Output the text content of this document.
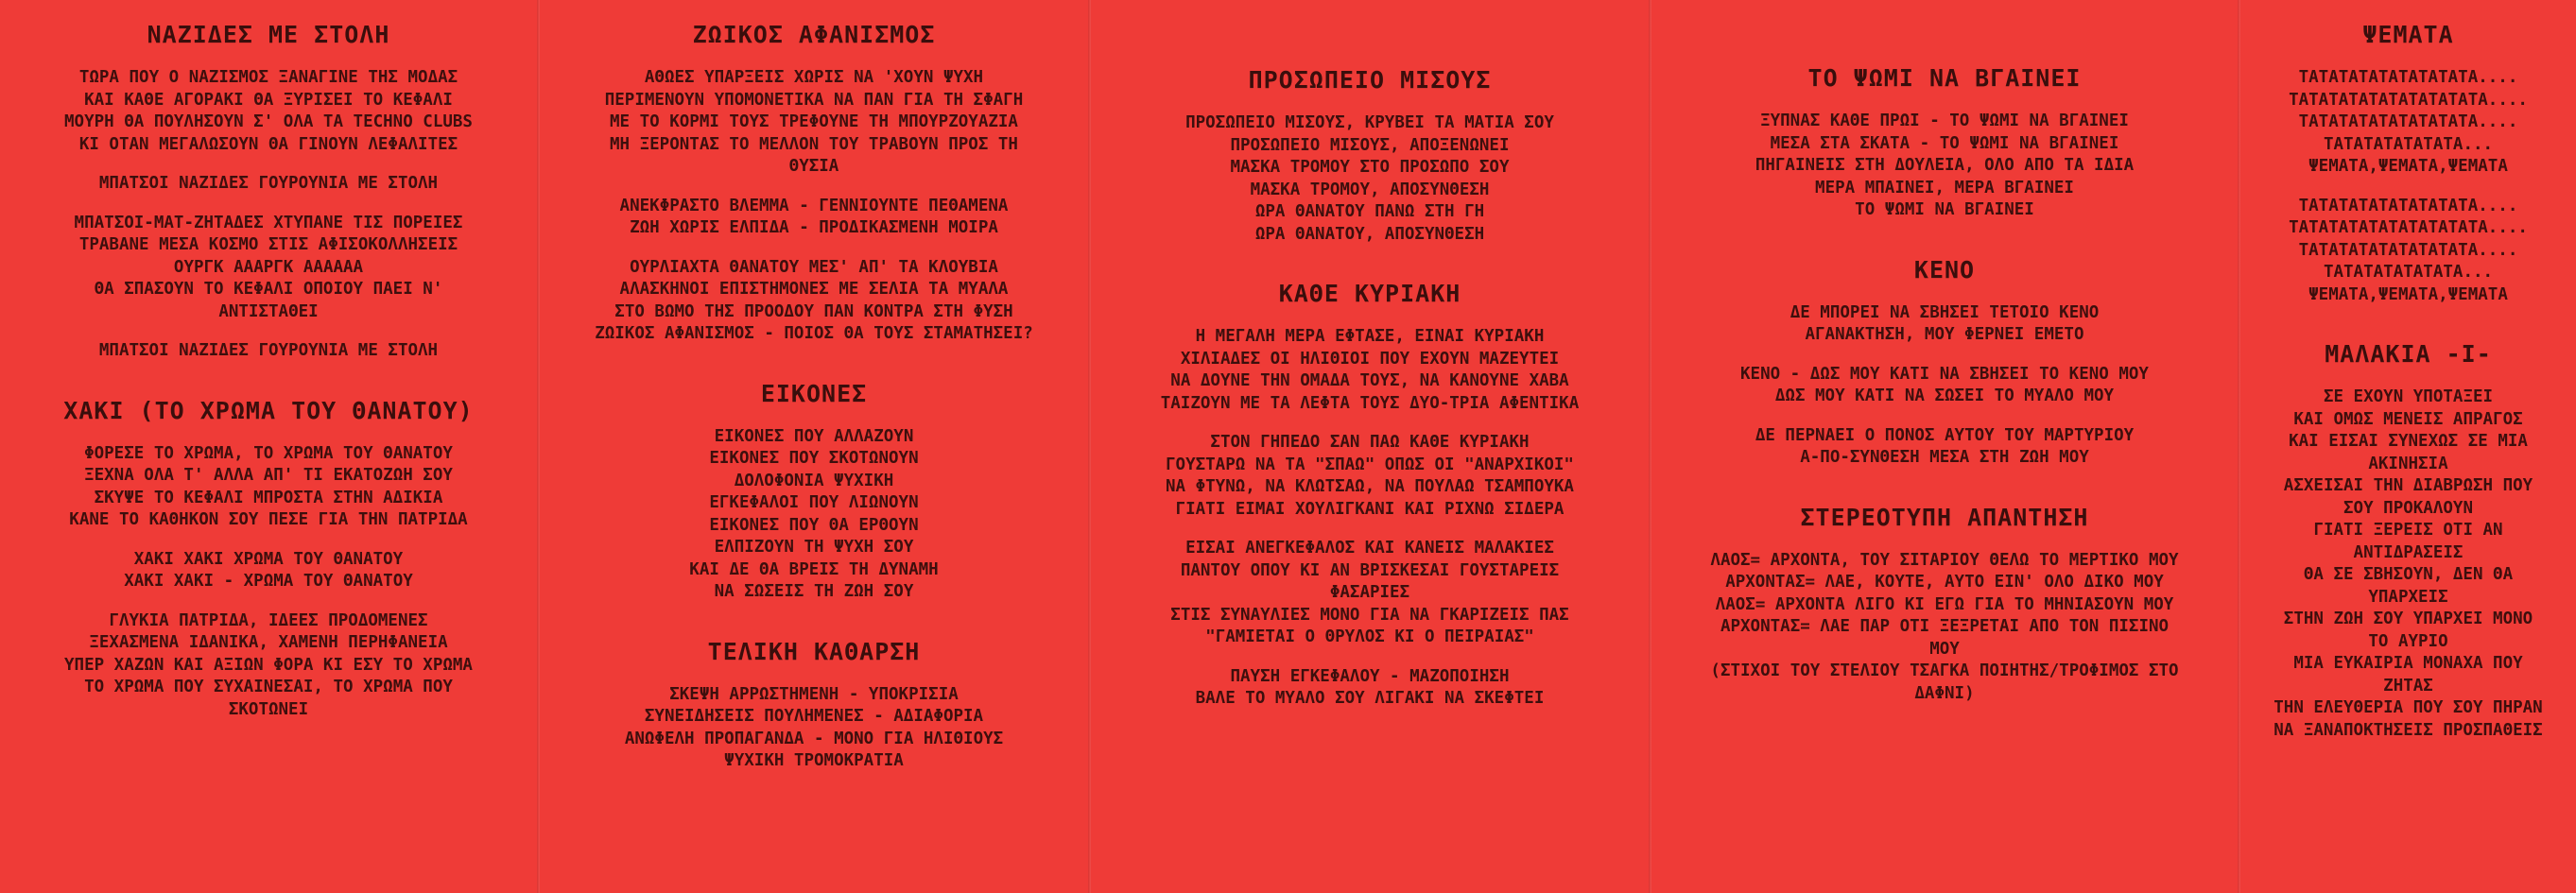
ΝΑΖΙΔΕΣ ΜΕ ΣΤΟΛΗ
ΤΩΡΑ ΠΟΥ Ο ΝΑΖΙΣΜΟΣ ΞΑΝΑΓΙΝΕ ΤΗΣ ΜΟΔΑΣ
ΚΑΙ ΚΑΘΕ ΑΓΟΡΑΚΙ ΘΑ ΞΥΡΙΣΕΙ ΤΟ ΚΕΦΑΛΙ
ΜΟΥΡΗ ΘΑ ΠΟΥΛΗΣΟΥΝ Σ' ΟΛΑ ΤΑ TECHNO CLUBS
ΚΙ ΟΤΑΝ ΜΕΓΑΛΩΣΟΥΝ ΘΑ ΓΙΝΟΥΝ ΛΕΦΑΛΙΤΕΣ
ΜΠΑΤΣΟΙ ΝΑΖΙΔΕΣ ΓΟΥΡΟΥΝΙΑ ΜΕ ΣΤΟΛΗ
ΜΠΑΤΣΟΙ-ΜΑΤ-ΖΗΤΑΔΕΣ ΧΤΥΠΑΝΕ ΤΙΣ ΠΟΡΕΙΕΣ
ΤΡΑΒΑΝΕ ΜΕΣΑ ΚΟΣΜΟ ΣΤΙΣ ΑΦΙΣΟΚΟΛΛΗΣΕΙΣ
ΟΥΡΓΚ ΑΑΑΡΓΚ ΑΑΑΑΑΑ
ΘΑ ΣΠΑΣΟΥΝ ΤΟ ΚΕΦΑΛΙ ΟΠΟΙΟΥ ΠΑΕΙ Ν'
ΑΝΤΙΣΤΑΘΕΙ
ΜΠΑΤΣΟΙ ΝΑΖΙΔΕΣ ΓΟΥΡΟΥΝΙΑ ΜΕ ΣΤΟΛΗ
ΧΑΚΙ (ΤΟ ΧΡΩΜΑ ΤΟΥ ΘΑΝΑΤΟΥ)
ΦΟΡΕΣΕ ΤΟ ΧΡΩΜΑ, ΤΟ ΧΡΩΜΑ ΤΟΥ ΘΑΝΑΤΟΥ
ΞΕΧΝΑ ΟΛΑ Τ' ΑΛΛΑ ΑΠ' ΤΙ ΕΚΑΤΟΖΩΗ ΣΟΥ
ΣΚΥΨΕ ΤΟ ΚΕΦΑΛΙ ΜΠΡΟΣΤΑ ΣΤΗΝ ΑΔΙΚΙΑ
ΚΑΝΕ ΤΟ ΚΑΘΗΚΟΝ ΣΟΥ ΠΕΣΕ ΓΙΑ ΤΗΝ ΠΑΤΡΙΔΑ
ΧΑΚΙ ΧΑΚΙ ΧΡΩΜΑ ΤΟΥ ΘΑΝΑΤΟΥ
ΧΑΚΙ ΧΑΚΙ - ΧΡΩΜΑ ΤΟΥ ΘΑΝΑΤΟΥ
ΓΛΥΚΙΑ ΠΑΤΡΙΔΑ, ΙΔΕΕΣ ΠΡΟΔΟΜΕΝΕΣ
ΞΕΧΑΣΜΕΝΑ ΙΔΑΝΙΚΑ, ΧΑΜΕΝΗ ΠΕΡΗΦΑΝΕΙΑ
ΥΠΕΡ ΧΑΖΩΝ ΚΑΙ ΑΞΙΩΝ ΦΟΡΑ ΚΙ ΕΣΥ ΤΟ ΧΡΩΜΑ
ΤΟ ΧΡΩΜΑ ΠΟΥ ΣΥΧΑΙΝΕΣΑΙ, ΤΟ ΧΡΩΜΑ ΠΟΥ
ΣΚΟΤΩΝΕΙ
ΖΩΙΚΟΣ ΑΦΑΝΙΣΜΟΣ
ΑΘΩΕΣ ΥΠΑΡΞΕΙΣ ΧΩΡΙΣ ΝΑ 'ΧΟΥΝ ΨΥΧΗ
ΠΕΡΙΜΕΝΟΥΝ ΥΠΟΜΟΝΕΤΙΚΑ ΝΑ ΠΑΝ ΓΙΑ ΤΗ ΣΦΑΓΗ
ΜΕ ΤΟ ΚΟΡΜΙ ΤΟΥΣ ΤΡΕΦΟΥΝΕ ΤΗ ΜΠΟΥΡΖΟΥΑΖΙΑ
ΜΗ ΞΕΡΟΝΤΑΣ ΤΟ ΜΕΛΛΟΝ ΤΟΥ ΤΡΑΒΟΥΝ ΠΡΟΣ ΤΗ
ΘΥΣΙΑ
ΑΝΕΚΦΡΑΣΤΟ ΒΛΕΜΜΑ - ΓΕΝΝΙΟΥΝΤΕ ΠΕΘΑΜΕΝΑ
ΖΩΗ ΧΩΡΙΣ ΕΛΠΙΔΑ - ΠΡΟΔΙΚΑΣΜΕΝΗ ΜΟΙΡΑ
ΟΥΡΛΙΑΧΤΑ ΘΑΝΑΤΟΥ ΜΕΣ' ΑΠ' ΤΑ ΚΛΟΥΒΙΑ
ΑΛΑΣΚΗΝΟΙ ΕΠΙΣΤΗΜΟΝΕΣ ΜΕ ΣΕΛΙΑ ΤΑ ΜΥΑΛΑ
ΣΤΟ ΒΩΜΟ ΤΗΣ ΠΡΟΟΔΟΥ ΠΑΝ ΚΟΝΤΡΑ ΣΤΗ ΦΥΣΗ
ΖΩΙΚΟΣ ΑΦΑΝΙΣΜΟΣ - ΠΟΙΟΣ ΘΑ ΤΟΥΣ ΣΤΑΜΑΤΗΣΕΙ?
ΕΙΚΟΝΕΣ
ΕΙΚΟΝΕΣ ΠΟΥ ΑΛΛΑΖΟΥΝ
ΕΙΚΟΝΕΣ ΠΟΥ ΣΚΟΤΩΝΟΥΝ
ΔΟΛΟΦΟΝΙΑ ΨΥΧΙΚΗ
ΕΓΚΕΦΑΛΟΙ ΠΟΥ ΛΙΩΝΟΥΝ
ΕΙΚΟΝΕΣ ΠΟΥ ΘΑ ΕΡΘΟΥΝ
ΕΛΠΙΖΟΥΝ ΤΗ ΨΥΧΗ ΣΟΥ
ΚΑΙ ΔΕ ΘΑ ΒΡΕΙΣ ΤΗ ΔΥΝΑΜΗ
ΝΑ ΣΩΣΕΙΣ ΤΗ ΖΩΗ ΣΟΥ
ΤΕΛΙΚΗ ΚΑΘΑΡΣΗ
ΣΚΕΨΗ ΑΡΡΩΣΤΗΜΕΝΗ - ΥΠΟΚΡΙΣΙΑ
ΣΥΝΕΙΔΗΣΕΙΣ ΠΟΥΛΗΜΕΝΕΣ - ΑΔΙΑΦΟΡΙΑ
ΑΝΩΦΕΛΗ ΠΡΟΠΑΓΑΝΔΑ - ΜΟΝΟ ΓΙΑ ΗΛΙΘΙΟΥΣ
ΨΥΧΙΚΗ ΤΡΟΜΟΚΡΑΤΙΑ
ΠΡΟΣΩΠΕΙΟ ΜΙΣΟΥΣ
ΠΡΟΣΩΠΕΙΟ ΜΙΣΟΥΣ, ΚΡΥΒΕΙ ΤΑ ΜΑΤΙΑ ΣΟΥ
ΠΡΟΣΩΠΕΙΟ ΜΙΣΟΥΣ, ΑΠΟΞΕΝΩΝΕΙ
ΜΑΣΚΑ ΤΡΟΜΟΥ ΣΤΟ ΠΡΟΣΩΠΟ ΣΟΥ
ΜΑΣΚΑ ΤΡΟΜΟΥ, ΑΠΟΣΥΝΘΕΣΗ
ΩΡΑ ΘΑΝΑΤΟΥ ΠΑΝΩ ΣΤΗ ΓΗ
ΩΡΑ ΘΑΝΑΤΟΥ, ΑΠΟΣΥΝΘΕΣΗ
ΚΑΘΕ ΚΥΡΙΑΚΗ
Η ΜΕΓΑΛΗ ΜΕΡΑ ΕΦΤΑΣΕ, ΕΙΝΑΙ ΚΥΡΙΑΚΗ
ΧΙΛΙΑΔΕΣ ΟΙ ΗΛΙΘΙΟΙ ΠΟΥ ΕΧΟΥΝ ΜΑΖΕΥΤΕΙ
ΝΑ ΔΟΥΝΕ ΤΗΝ ΟΜΑΔΑ ΤΟΥΣ, ΝΑ ΚΑΝΟΥΝΕ ΧΑΒΑ
ΤΑΙΖΟΥΝ ΜΕ ΤΑ ΛΕΦΤΑ ΤΟΥΣ ΔΥΟ-ΤΡΙΑ ΑΦΕΝΤΙΚΑ
ΣΤΟΝ ΓΗΠΕΔΟ ΣΑΝ ΠΑΩ ΚΑΘΕ ΚΥΡΙΑΚΗ
ΓΟΥΣΤΑΡΩ ΝΑ ΤΑ "ΣΠΑΩ" ΟΠΩΣ ΟΙ "ΑΝΑΡΧΙΚΟΙ"
ΝΑ ΦΤΥΝΩ, ΝΑ ΚΛΩΤΣΑΩ, ΝΑ ΠΟΥΛΑΩ ΤΣΑΜΠΟΥΚΑ
ΓΙΑΤΙ ΕΙΜΑΙ ΧΟΥΛΙΓΚΑΝΙ ΚΑΙ ΡΙΧΝΩ ΣΙΔΕΡΑ
ΕΙΣΑΙ ΑΝΕΓΚΕΦΑΛΟΣ ΚΑΙ ΚΑΝΕΙΣ ΜΑΛΑΚΙΕΣ
ΠΑΝΤΟΥ ΟΠΟΥ ΚΙ ΑΝ ΒΡΙΣΚΕΣΑΙ ΓΟΥΣΤΑΡΕΙΣ
ΦΑΣΑΡΙΕΣ
ΣΤΙΣ ΣΥΝΑΥΛΙΕΣ ΜΟΝΟ ΓΙΑ ΝΑ ΓΚΑΡΙΖΕΙΣ ΠΑΣ
"ΓΑΜΙΕΤΑΙ Ο ΘΡΥΛΟΣ ΚΙ Ο ΠΕΙΡΑΙΑΣ"
ΠΑΥΣΗ ΕΓΚΕΦΑΛΟΥ - ΜΑΖΟΠΟΙΗΣΗ
ΒΑΛΕ ΤΟ ΜΥΑΛΟ ΣΟΥ ΛΙΓΑΚΙ ΝΑ ΣΚΕΦΤΕΙ
ΤΟ ΨΩΜΙ ΝΑ ΒΓΑΙΝΕΙ
ΞΥΠΝΑΣ ΚΑΘΕ ΠΡΩΙ - ΤΟ ΨΩΜΙ ΝΑ ΒΓΑΙΝΕΙ
ΜΕΣΑ ΣΤΑ ΣΚΑΤΑ - ΤΟ ΨΩΜΙ ΝΑ ΒΓΑΙΝΕΙ
ΠΗΓΑΙΝΕΙΣ ΣΤΗ ΔΟΥΛΕΙΑ, ΟΛΟ ΑΠΟ ΤΑ ΙΔΙΑ
ΜΕΡΑ ΜΠΑΙΝΕΙ, ΜΕΡΑ ΒΓΑΙΝΕΙ
ΤΟ ΨΩΜΙ ΝΑ ΒΓΑΙΝΕΙ
ΚΕΝΟ
ΔΕ ΜΠΟΡΕΙ ΝΑ ΣΒΗΣΕΙ ΤΕΤΟΙΟ ΚΕΝΟ
ΑΓΑΝΑΚΤΗΣΗ, ΜΟΥ ΦΕΡΝΕΙ ΕΜΕΤΟ
ΚΕΝΟ - ΔΩΣ ΜΟΥ ΚΑΤΙ ΝΑ ΣΒΗΣΕΙ ΤΟ ΚΕΝΟ ΜΟΥ
ΔΩΣ ΜΟΥ ΚΑΤΙ ΝΑ ΣΩΣΕΙ ΤΟ ΜΥΑΛΟ ΜΟΥ
ΔΕ ΠΕΡΝΑΕΙ Ο ΠΟΝΟΣ ΑΥΤΟΥ ΤΟΥ ΜΑΡΤΥΡΙΟΥ
Α-ΠΟ-ΣΥΝΘΕΣΗ ΜΕΣΑ ΣΤΗ ΖΩΗ ΜΟΥ
ΣΤΕΡΕΟΤΥΠΗ ΑΠΑΝΤΗΣΗ
ΛΑΟΣ= ΑΡΧΟΝΤΑ, ΤΟΥ ΣΙΤΑΡΙΟΥ ΘΕΛΩ ΤΟ ΜΕΡΤΙΚΟ ΜΟΥ
ΑΡΧΟΝΤΑΣ= ΛΑΕ, ΚΟΥΤΕ, ΑΥΤΟ ΕΙΝ' ΟΛΟ ΔΙΚΟ ΜΟΥ
ΛΑΟΣ= ΑΡΧΟΝΤΑ ΛΙΓΟ ΚΙ ΕΓΩ ΓΙΑ ΤΟ ΜΗΝΙΑΣΟΥΝ ΜΟΥ
ΑΡΧΟΝΤΑΣ= ΛΑΕ ΠΑΡ ΟΤΙ ΞΕΞΡΕΤΑΙ ΑΠΟ ΤΟΝ ΠΙΣΙΝΟ
ΜΟΥ
(ΣΤΙΧΟΙ ΤΟΥ ΣΤΕΛΙΟΥ ΤΣΑΓΚΑ ΠΟΙΗΤΗΣ/ΤΡΟΦΙΜΟΣ ΣΤΟ
ΔΑΦΝΙ)
ΨΕΜΑΤΑ
ΤΑΤΑΤΑΤΑΤΑΤΑΤΑΤΑΤΑ....
ΤΑΤΑΤΑΤΑΤΑΤΑΤΑΤΑΤΑΤΑ....
ΤΑΤΑΤΑΤΑΤΑΤΑΤΑΤΑΤΑ....
ΤΑΤΑΤΑΤΑΤΑΤΑΤΑ...
ΨΕΜΑΤΑ,ΨΕΜΑΤΑ,ΨΕΜΑΤΑ
ΤΑΤΑΤΑΤΑΤΑΤΑΤΑΤΑΤΑ....
ΤΑΤΑΤΑΤΑΤΑΤΑΤΑΤΑΤΑΤΑ....
ΤΑΤΑΤΑΤΑΤΑΤΑΤΑΤΑΤΑ....
ΤΑΤΑΤΑΤΑΤΑΤΑΤΑ...
ΨΕΜΑΤΑ,ΨΕΜΑΤΑ,ΨΕΜΑΤΑ
ΜΑΛΑΚΙΑ -I-
ΣΕ ΕΧΟΥΝ ΥΠΟΤΑΞΕΙ
ΚΑΙ ΟΜΩΣ ΜΕΝΕΙΣ ΑΠΡΑΓΟΣ
ΚΑΙ ΕΙΣΑΙ ΣΥΝΕΧΩΣ ΣΕ ΜΙΑ
ΑΚΙΝΗΣΙΑ
ΑΣΧΕΙΣΑΙ ΤΗΝ ΔΙΑΒΡΩΣΗ ΠΟΥ
ΣΟΥ ΠΡΟΚΑΛΟΥΝ
ΓΙΑΤΙ ΞΕΡΕΙΣ ΟΤΙ ΑΝ
ΑΝΤΙΔΡΑΣΕΙΣ
ΘΑ ΣΕ ΣΒΗΣΟΥΝ, ΔΕΝ ΘΑ
ΥΠΑΡΧΕΙΣ
ΣΤΗΝ ΖΩΗ ΣΟΥ ΥΠΑΡΧΕΙ ΜΟΝΟ
ΤΟ ΑΥΡΙΟ
ΜΙΑ ΕΥΚΑΙΡΙΑ ΜΟΝΑΧΑ ΠΟΥ
ΖΗΤΑΣ
ΤΗΝ ΕΛΕΥΘΕΡΙΑ ΠΟΥ ΣΟΥ ΠΗΡΑΝ
ΝΑ ΞΑΝΑΠΟΚΤΗΣΕΙΣ ΠΡΟΣΠΑΘΕΙΣ
